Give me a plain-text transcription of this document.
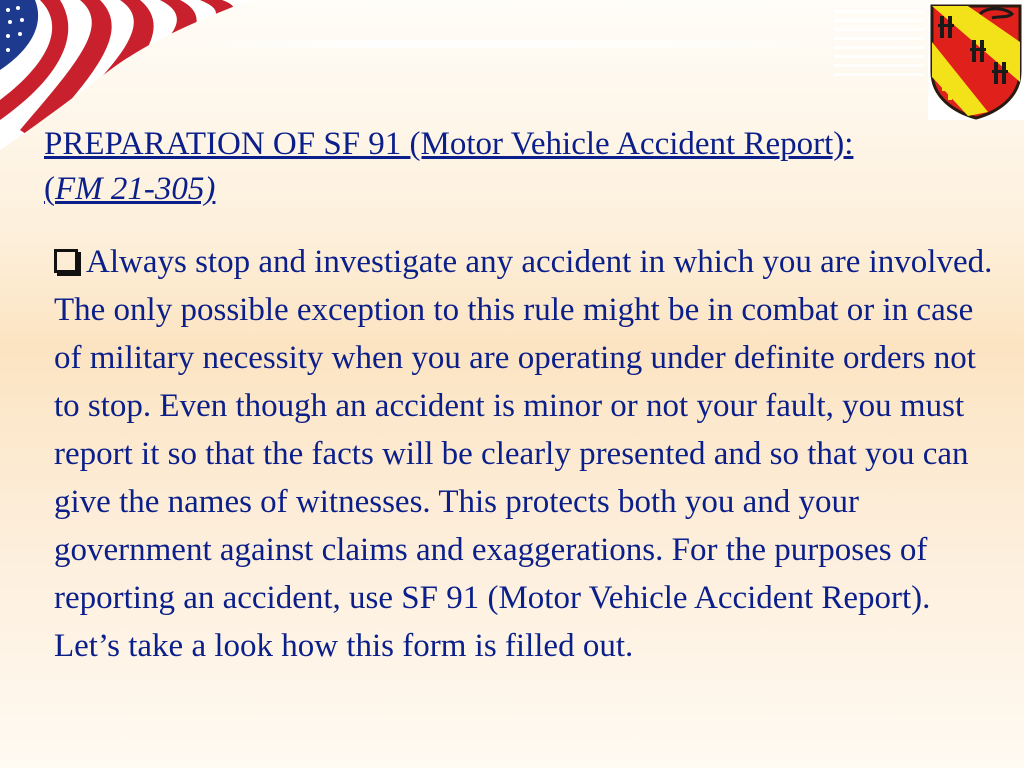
PREPARATION OF SF 91 (Motor Vehicle Accident Report): (FM 21-305)

Always stop and investigate any accident in which you are involved. The only possible exception to this rule might be in combat or in case of military necessity when you are operating under definite orders not to stop. Even though an accident is minor or not your fault, you must report it so that the facts will be clearly presented and so that you can give the names of witnesses. This protects both you and your government against claims and exaggerations. For the purposes of reporting an accident, use SF 91 (Motor Vehicle Accident Report). Let’s take a look how this form is filled out.
